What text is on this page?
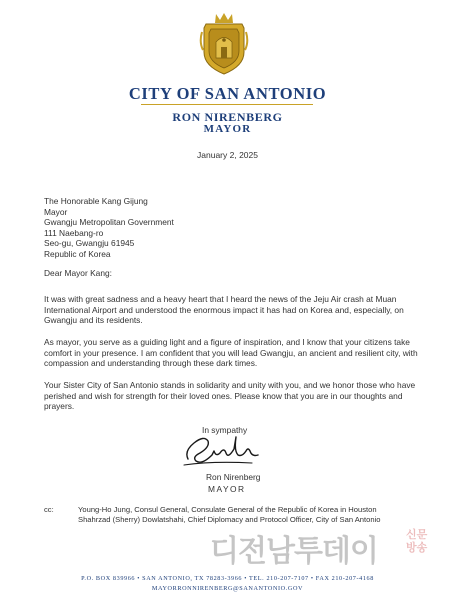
CITY OF SAN ANTONIO
RON NIRENBERG
MAYOR
January 2, 2025
The Honorable Kang Gijung
Mayor
Gwangju Metropolitan Government
111 Naebang-ro
Seo-gu, Gwangju 61945
Republic of Korea
Dear Mayor Kang:
It was with great sadness and a heavy heart that I heard the news of the Jeju Air crash at Muan International Airport and understood the enormous impact it has had on Korea and, especially, on Gwangju and its residents.
As mayor, you serve as a guiding light and a figure of inspiration, and I know that your citizens take comfort in your presence. I am confident that you will lead Gwangju, an ancient and resilient city, with compassion and understanding through these dark times.
Your Sister City of San Antonio stands in solidarity and unity with you, and we honor those who have perished and wish for strength for their loved ones. Please know that you are in our thoughts and prayers.
In sympathy
Ron Nirenberg
MAYOR
cc:	Young-Ho Jung, Consul General, Consulate General of the Republic of Korea in Houston
Shahrzad (Sherry) Dowlatshahi, Chief Diplomacy and Protocol Officer, City of San Antonio
디전남투데이	신문
방송
P.O. BOX 839966 • SAN ANTONIO, TX 78283-3966 • TEL. 210-207-7107 • FAX 210-207-4168
MAYORRONNIRENBERG@SANANTONIO.GOV
